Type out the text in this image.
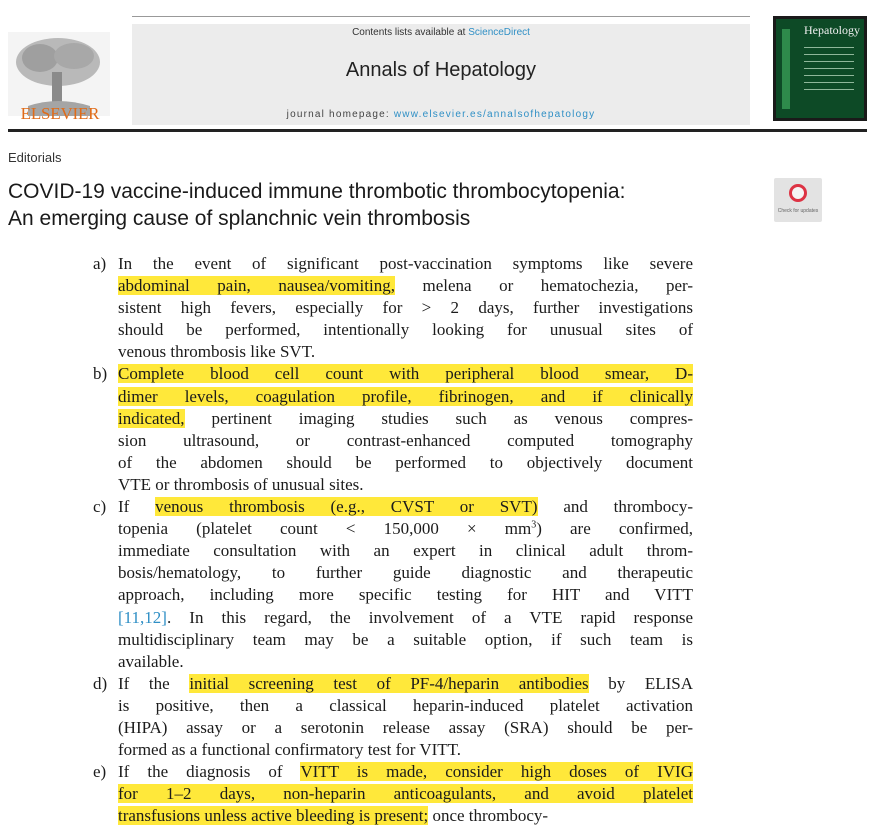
ELSEVIER
Contents lists available at ScienceDirect
Annals of Hepatology
journal homepage: www.elsevier.es/annalsofhepatology
Hepatology
Editorials
COVID-19 vaccine-induced immune thrombotic thrombocytopenia:
An emerging cause of splanchnic vein thrombosis	Check for updates
a) In the event of significant post-vaccination symptoms like severe
abdominal pain, nausea/vomiting, melena or hematochezia, per-
sistent high fevers, especially for > 2 days, further investigations
should be performed, intentionally looking for unusual sites of
venous thrombosis like SVT.
b) Complete blood cell count with peripheral blood smear, D-
dimer levels, coagulation profile, fibrinogen, and if clinically
indicated, pertinent imaging studies such as venous compres-
sion ultrasound, or contrast-enhanced computed tomography
of the abdomen should be performed to objectively document
VTE or thrombosis of unusual sites.
c) If venous thrombosis (e.g., CVST or SVT) and thrombocy-
topenia (platelet count < $150,000 \times mm^3$) are confirmed,
immediate consultation with an expert in clinical adult throm-
bosis/hematology, to further guide diagnostic and therapeutic
approach, including more specific testing for HIT and VITT
[11,12]. In this regard, the involvement of a VTE rapid response
multidisciplinary team may be a suitable option, if such team is
available.
d) If the initial screening test of PF-4/heparin antibodies by ELISA
is positive, then a classical heparin-induced platelet activation
(HIPA) assay or a serotonin release assay (SRA) should be per-
formed as a functional confirmatory test for VITT.
e) If the diagnosis of VITT is made, consider high doses of IVIG
for 1–2 days, non-heparin anticoagulants, and avoid platelet
transfusions unless active bleeding is present; once thrombocy-
